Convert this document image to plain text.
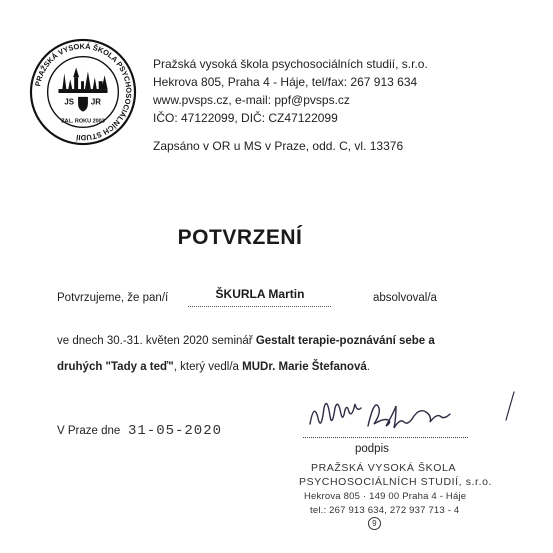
PRAŽSKÁ VYSOKÁ ŠKOLA PSYCHOSOCIÁLNÍCH STUDIÍ
JS JR
ZAL. ROKU 2003
Pražská vysoká škola psychosociálních studií, s.r.o.
Hekrova 805, Praha 4 - Háje, tel/fax: 267 913 634
www.pvsps.cz, e-mail: ppf@pvsps.cz
IČO: 47122099, DIČ: CZ47122099
Zapsáno v OR u MS v Praze, odd. C, vl. 13376
POTVRZENÍ
Potvrzujeme, že pan/í	ŠKURLA Martin	absolvoval/a
ve dnech 30.-31. květen 2020 seminář Gestalt terapie-poznávání sebe a
druhých "Tady a teď", který vedl/a MUDr. Marie Štefanová.
V Praze dne 31-05-2020
podpis
PRAŽSKÁ VYSOKÁ ŠKOLA
PSYCHOSOCIÁLNÍCH STUDIÍ, s.r.o.
Hekrova 805 · 149 00 Praha 4 - Háje
tel.: 267 913 634, 272 937 713 - 4
9
